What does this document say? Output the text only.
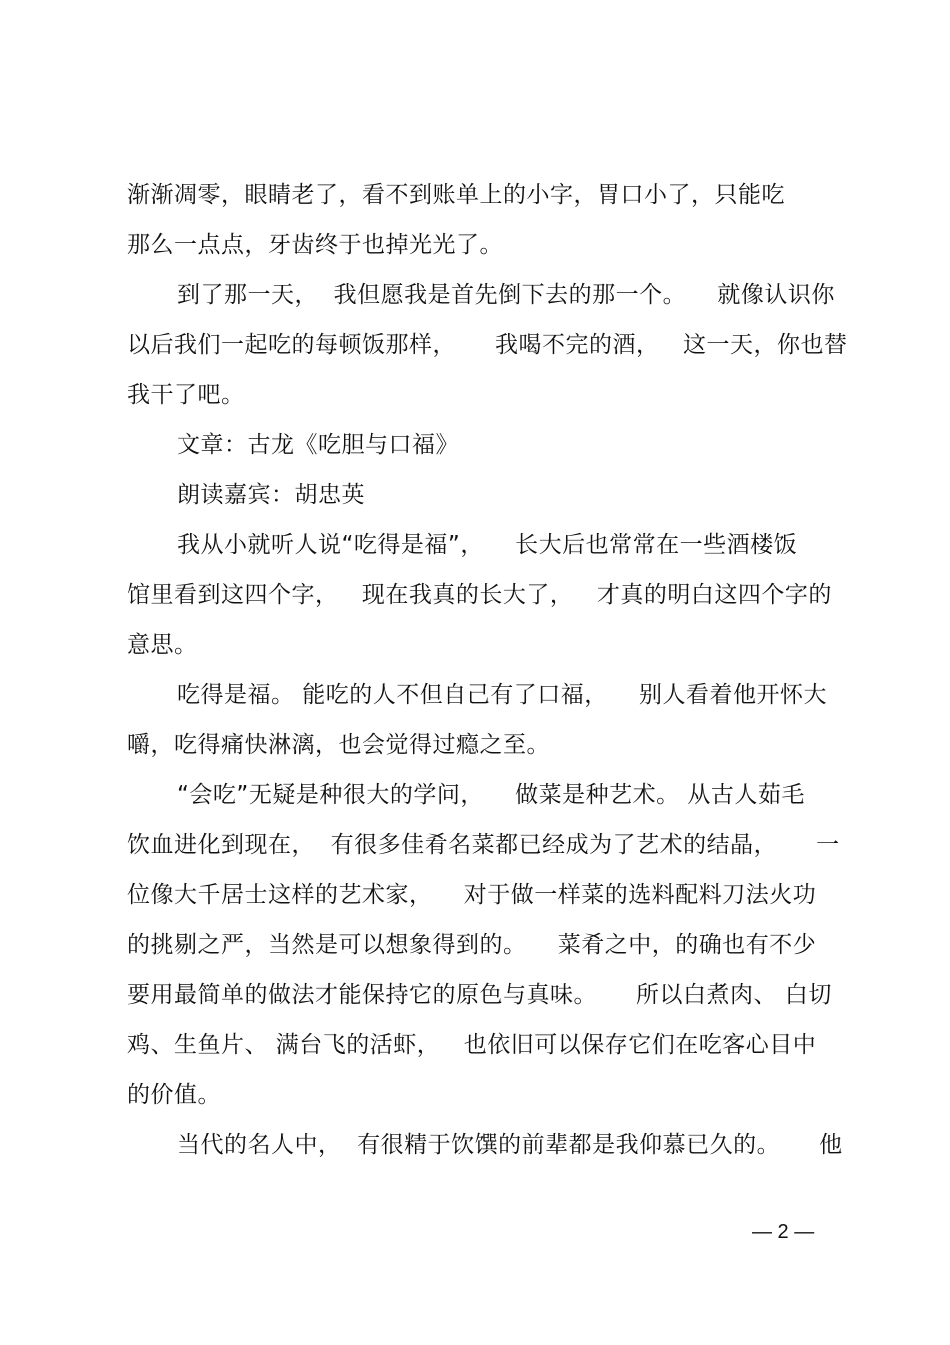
渐渐凋零，眼睛老了，看不到账单上的小字，胃口小了，只能吃
那么一点点，牙齿终于也掉光光了。
到了那一天，  我但愿我是首先倒下去的那一个。    就像认识你
以后我们一起吃的每顿饭那样，     我喝不完的酒，   这一天，你也替
我干了吧。
文章：古龙《吃胆与口福》
朗读嘉宾：胡忠英
我从小就听人说“吃得是福”，    长大后也常常在一些酒楼饭
馆里看到这四个字，   现在我真的长大了，   才真的明白这四个字的
意思。
吃得是福。 能吃的人不但自己有了口福，    别人看着他开怀大
嚼，吃得痛快淋漓，也会觉得过瘾之至。
“会吃”无疑是种很大的学问，    做菜是种艺术。 从古人茹毛
饮血进化到现在，  有很多佳肴名菜都已经成为了艺术的结晶，     一
位像大千居士这样的艺术家，    对于做一样菜的选料配料刀法火功
的挑剔之严，当然是可以想象得到的。    菜肴之中，的确也有不少
要用最简单的做法才能保持它的原色与真味。     所以白煮肉、 白切
鸡、生鱼片、 满台飞的活虾，   也依旧可以保存它们在吃客心目中
的价值。
当代的名人中，  有很精于饮馔的前辈都是我仰慕已久的。     他
— 2 —
